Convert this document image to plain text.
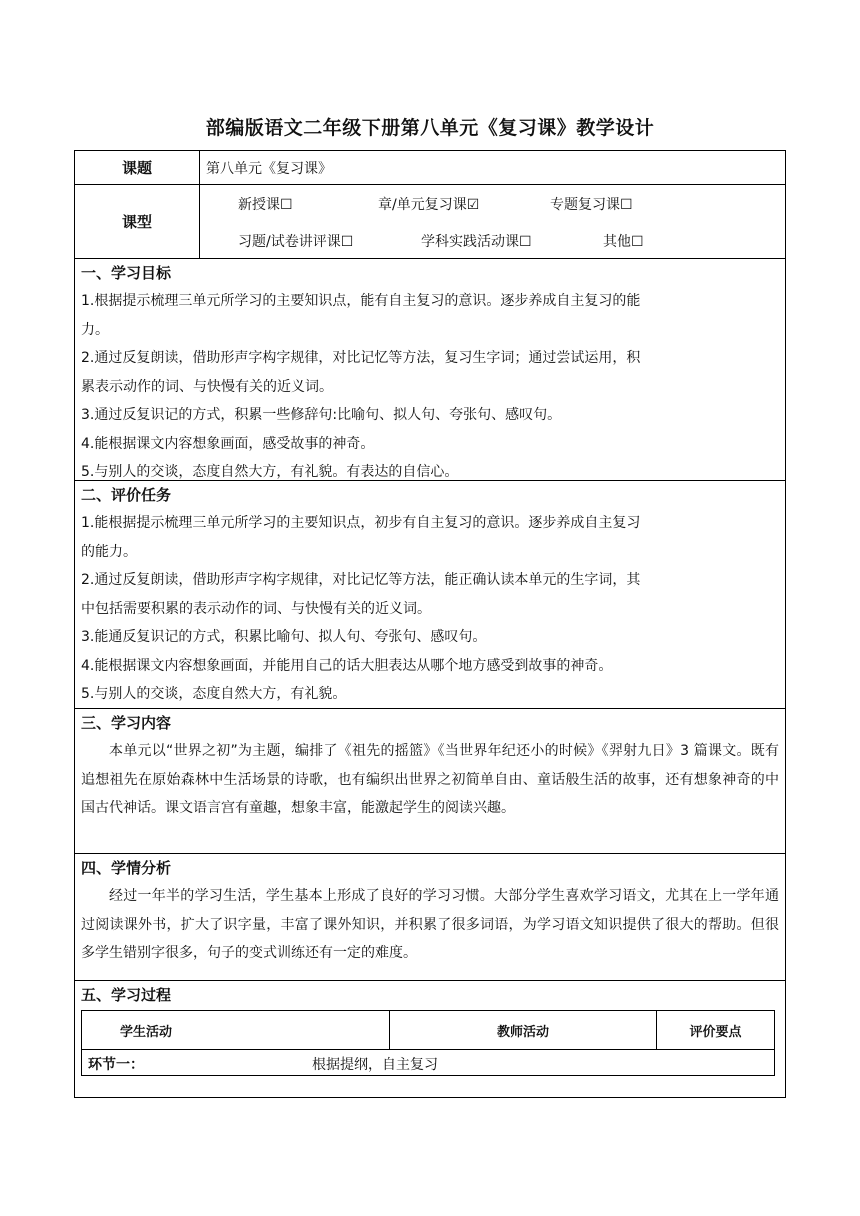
部编版语文二年级下册第八单元《复习课》教学设计
课题	第八单元《复习课》
课型
新授课☐	章/单元复习课☑	专题复习课☐
习题/试卷讲评课☐	学科实践活动课☐	其他☐
一、学习目标
1.根据提示梳理三单元所学习的主要知识点，能有自主复习的意识。逐步养成自主复习的能
力。
2.通过反复朗读，借助形声字构字规律，对比记忆等方法，复习生字词；通过尝试运用，积
累表示动作的词、与快慢有关的近义词。
3.通过反复识记的方式，积累一些修辞句:比喻句、拟人句、夸张句、感叹句。
4.能根据课文内容想象画面，感受故事的神奇。
5.与别人的交谈，态度自然大方，有礼貌。有表达的自信心。
二、评价任务
1.能根据提示梳理三单元所学习的主要知识点，初步有自主复习的意识。逐步养成自主复习
的能力。
2.通过反复朗读，借助形声字构字规律，对比记忆等方法，能正确认读本单元的生字词，其
中包括需要积累的表示动作的词、与快慢有关的近义词。
3.能通反复识记的方式，积累比喻句、拟人句、夸张句、感叹句。
4.能根据课文内容想象画面，并能用自己的话大胆表达从哪个地方感受到故事的神奇。
5.与别人的交谈，态度自然大方，有礼貌。
三、学习内容
本单元以“世界之初”为主题，编排了《祖先的摇篮》《当世界年纪还小的时候》《羿射九日》3 篇课文。既有追想祖先在原始森林中生活场景的诗歌，也有编织出世界之初简单自由、童话般生活的故事，还有想象神奇的中国古代神话。课文语言宫有童趣，想象丰富，能激起学生的阅读兴趣。
四、学情分析
经过一年半的学习生活，学生基本上形成了良好的学习习惯。大部分学生喜欢学习语文，尤其在上一学年通过阅读课外书，扩大了识字量，丰富了课外知识，并积累了很多词语，为学习语文知识提供了很大的帮助。但很多学生错别字很多，句子的变式训练还有一定的难度。
五、学习过程
学生活动	教师活动	评价要点
环节一：	根据提纲，自主复习
